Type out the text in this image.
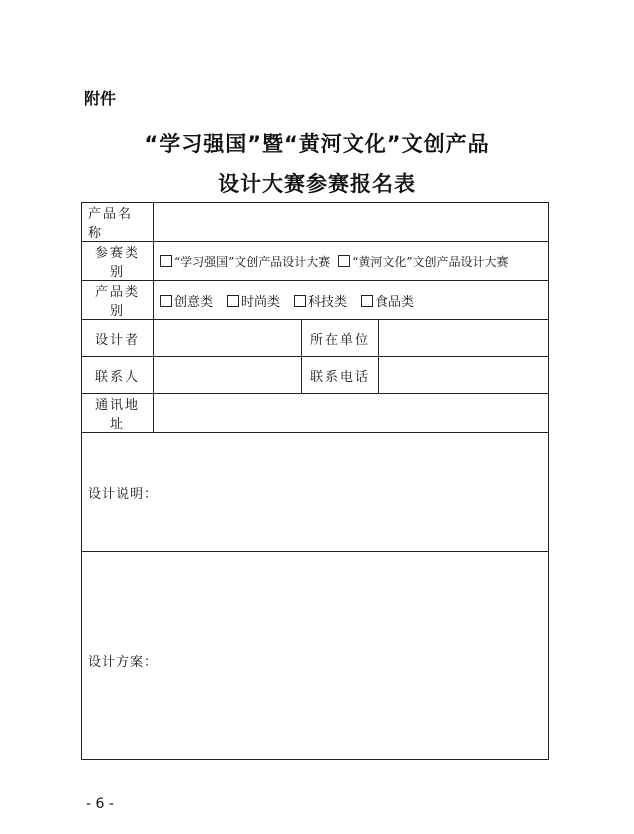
附件
“学习强国”暨“黄河文化”文创产品
设计大赛参赛报名表
产品名称			
参赛类别	“学习强国”文创产品设计大赛 “黄河文化”文创产品设计大赛		
产品类别	创意类 时尚类 科技类 食品类		
设计者		所在单位	
联系人		联系电话	
通讯地址			
设计说明：			
设计方案：			
- 6 -
